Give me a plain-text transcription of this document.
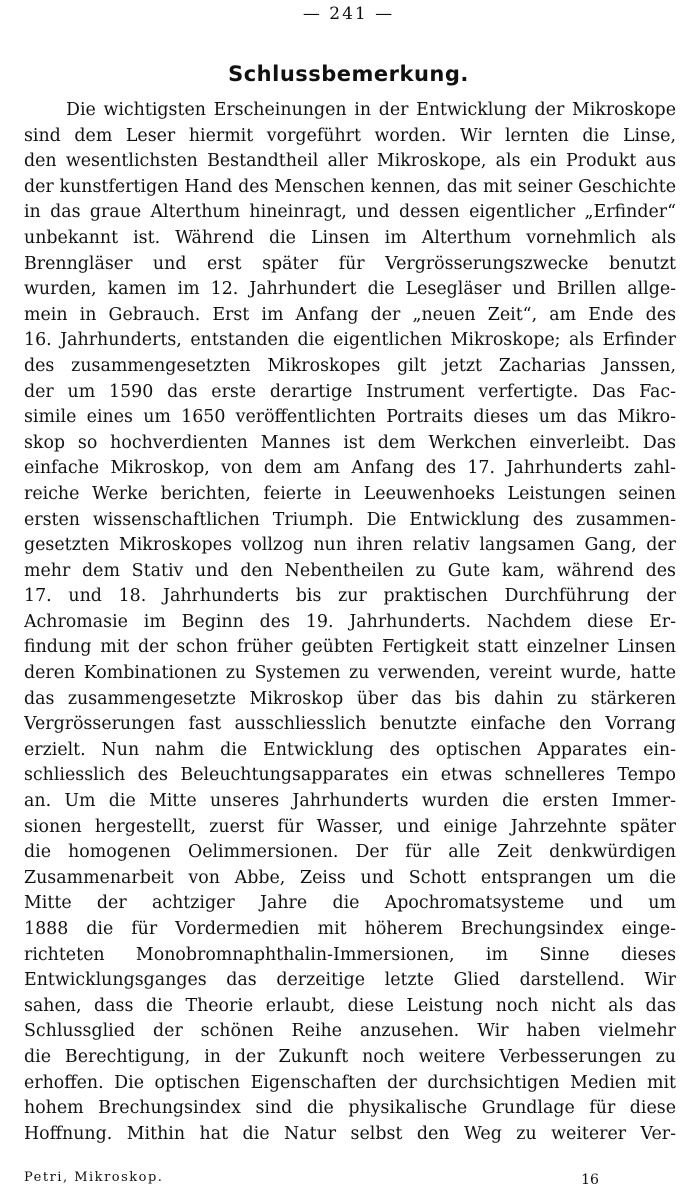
— 241 —
Schlussbemerkung.
Die wichtigsten Erscheinungen in der Entwicklung der Mikroskope
sind dem Leser hiermit vorgeführt worden. Wir lernten die Linse,
den wesentlichsten Bestandtheil aller Mikroskope, als ein Produkt aus
der kunstfertigen Hand des Menschen kennen, das mit seiner Geschichte
in das graue Alterthum hineinragt, und dessen eigentlicher „Erfinder“
unbekannt ist. Während die Linsen im Alterthum vornehmlich als
Brenngläser und erst später für Vergrösserungszwecke benutzt
wurden, kamen im 12. Jahrhundert die Lesegläser und Brillen allge-
mein in Gebrauch. Erst im Anfang der „neuen Zeit“, am Ende des
16. Jahrhunderts, entstanden die eigentlichen Mikroskope; als Erfinder
des zusammengesetzten Mikroskopes gilt jetzt Zacharias Janssen,
der um 1590 das erste derartige Instrument verfertigte. Das Fac-
simile eines um 1650 veröffentlichten Portraits dieses um das Mikro-
skop so hochverdienten Mannes ist dem Werkchen einverleibt. Das
einfache Mikroskop, von dem am Anfang des 17. Jahrhunderts zahl-
reiche Werke berichten, feierte in Leeuwenhoeks Leistungen seinen
ersten wissenschaftlichen Triumph. Die Entwicklung des zusammen-
gesetzten Mikroskopes vollzog nun ihren relativ langsamen Gang, der
mehr dem Stativ und den Nebentheilen zu Gute kam, während des
17. und 18. Jahrhunderts bis zur praktischen Durchführung der
Achromasie im Beginn des 19. Jahrhunderts. Nachdem diese Er-
findung mit der schon früher geübten Fertigkeit statt einzelner Linsen
deren Kombinationen zu Systemen zu verwenden, vereint wurde, hatte
das zusammengesetzte Mikroskop über das bis dahin zu stärkeren
Vergrösserungen fast ausschliesslich benutzte einfache den Vorrang
erzielt. Nun nahm die Entwicklung des optischen Apparates ein-
schliesslich des Beleuchtungsapparates ein etwas schnelleres Tempo
an. Um die Mitte unseres Jahrhunderts wurden die ersten Immer-
sionen hergestellt, zuerst für Wasser, und einige Jahrzehnte später
die homogenen Oelimmersionen. Der für alle Zeit denkwürdigen
Zusammenarbeit von Abbe, Zeiss und Schott entsprangen um die
Mitte der achtziger Jahre die Apochromatsysteme und um
1888 die für Vordermedien mit höherem Brechungsindex einge-
richteten Monobromnaphthalin-Immersionen, im Sinne dieses
Entwicklungsganges das derzeitige letzte Glied darstellend. Wir
sahen, dass die Theorie erlaubt, diese Leistung noch nicht als das
Schlussglied der schönen Reihe anzusehen. Wir haben vielmehr
die Berechtigung, in der Zukunft noch weitere Verbesserungen zu
erhoffen. Die optischen Eigenschaften der durchsichtigen Medien mit
hohem Brechungsindex sind die physikalische Grundlage für diese
Hoffnung. Mithin hat die Natur selbst den Weg zu weiterer Ver-
Petri, Mikroskop.	16
